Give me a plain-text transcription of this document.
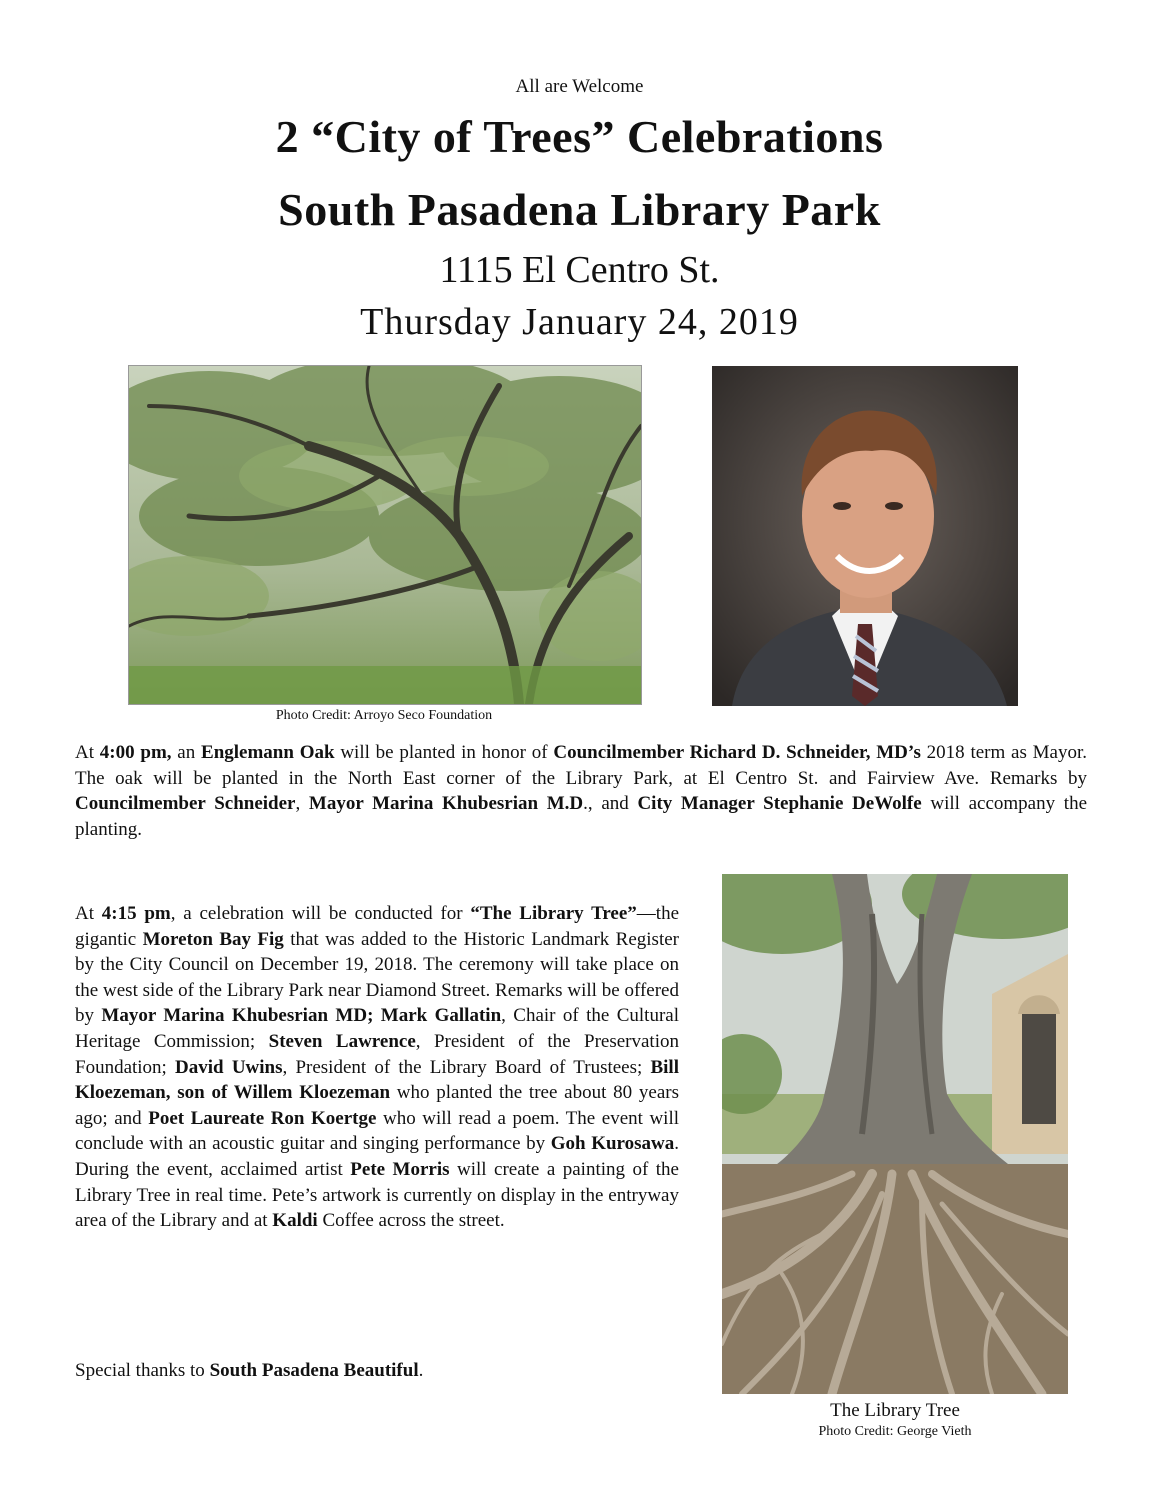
All are Welcome
2 “City of Trees” Celebrations
South Pasadena Library Park
1115 El Centro St.
Thursday January 24, 2019
Photo Credit: Arroyo Seco Foundation
At 4:00 pm, an Englemann Oak will be planted in honor of Councilmember Richard D. Schneider, MD’s 2018 term as Mayor. The oak will be planted in the North East corner of the Library Park, at El Centro St. and Fairview Ave. Remarks by Councilmember Schneider, Mayor Marina Khubesrian M.D., and City Manager Stephanie DeWolfe will accompany the planting.
At 4:15 pm, a celebration will be conducted for “The Library Tree”—the gigantic Moreton Bay Fig that was added to the Historic Landmark Register by the City Council on December 19, 2018. The ceremony will take place on the west side of the Library Park near Diamond Street. Remarks will be offered by Mayor Marina Khubesrian MD; Mark Gallatin, Chair of the Cultural Heritage Commission; Steven Lawrence, President of the Preservation Foundation; David Uwins, President of the Library Board of Trustees; Bill Kloezeman, son of Willem Kloezeman who planted the tree about 80 years ago; and Poet Laureate Ron Koertge who will read a poem. The event will conclude with an acoustic guitar and singing performance by Goh Kurosawa. During the event, acclaimed artist Pete Morris will create a painting of the Library Tree in real time. Pete’s artwork is currently on display in the entryway area of the Library and at Kaldi Coffee across the street.
The Library Tree
Photo Credit: George Vieth
Special thanks to South Pasadena Beautiful.
